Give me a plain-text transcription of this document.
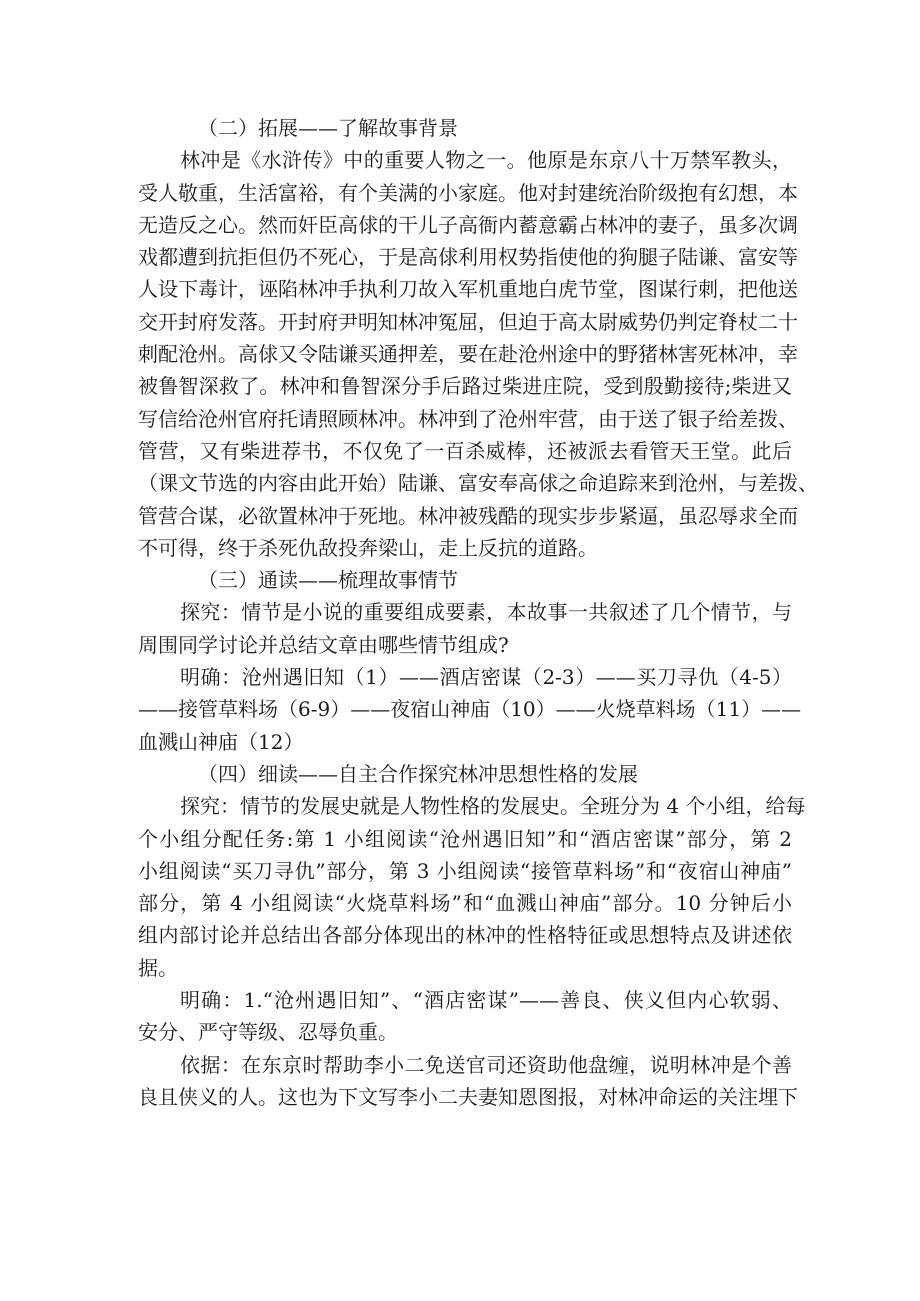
（二）拓展——了解故事背景
林冲是《水浒传》中的重要人物之一。他原是东京八十万禁军教头，
受人敬重，生活富裕，有个美满的小家庭。他对封建统治阶级抱有幻想，本
无造反之心。然而奸臣高俅的干儿子高衙内蓄意霸占林冲的妻子，虽多次调
戏都遭到抗拒但仍不死心，于是高俅利用权势指使他的狗腿子陆谦、富安等
人设下毒计，诬陷林冲手执利刀故入军机重地白虎节堂，图谋行刺，把他送
交开封府发落。开封府尹明知林冲冤屈，但迫于高太尉威势仍判定脊杖二十
刺配沧州。高俅又令陆谦买通押差，要在赴沧州途中的野猪林害死林冲，幸
被鲁智深救了。林冲和鲁智深分手后路过柴进庄院，受到殷勤接待;柴进又
写信给沧州官府托请照顾林冲。林冲到了沧州牢营，由于送了银子给差拨、
管营，又有柴进荐书，不仅免了一百杀威棒，还被派去看管天王堂。此后
（课文节选的内容由此开始）陆谦、富安奉高俅之命追踪来到沧州，与差拨、
管营合谋，必欲置林冲于死地。林冲被残酷的现实步步紧逼，虽忍辱求全而
不可得，终于杀死仇敌投奔梁山，走上反抗的道路。
（三）通读——梳理故事情节
探究：情节是小说的重要组成要素，本故事一共叙述了几个情节，与
周围同学讨论并总结文章由哪些情节组成?
明确：沧州遇旧知（1）——酒店密谋（2-3）——买刀寻仇（4-5）
——接管草料场（6-9）——夜宿山神庙（10）——火烧草料场（11）——
血溅山神庙（12）
（四）细读——自主合作探究林冲思想性格的发展
探究：情节的发展史就是人物性格的发展史。全班分为 4 个小组，给每
个小组分配任务:第 1 小组阅读“沧州遇旧知”和“酒店密谋”部分，第 2
小组阅读“买刀寻仇”部分，第 3 小组阅读“接管草料场”和“夜宿山神庙”
部分，第 4 小组阅读“火烧草料场”和“血溅山神庙”部分。10 分钟后小
组内部讨论并总结出各部分体现出的林冲的性格特征或思想特点及讲述依
据。
明确：1.“沧州遇旧知”、“酒店密谋”——善良、侠义但内心软弱、
安分、严守等级、忍辱负重。
依据：在东京时帮助李小二免送官司还资助他盘缠，说明林冲是个善
良且侠义的人。这也为下文写李小二夫妻知恩图报，对林冲命运的关注埋下
